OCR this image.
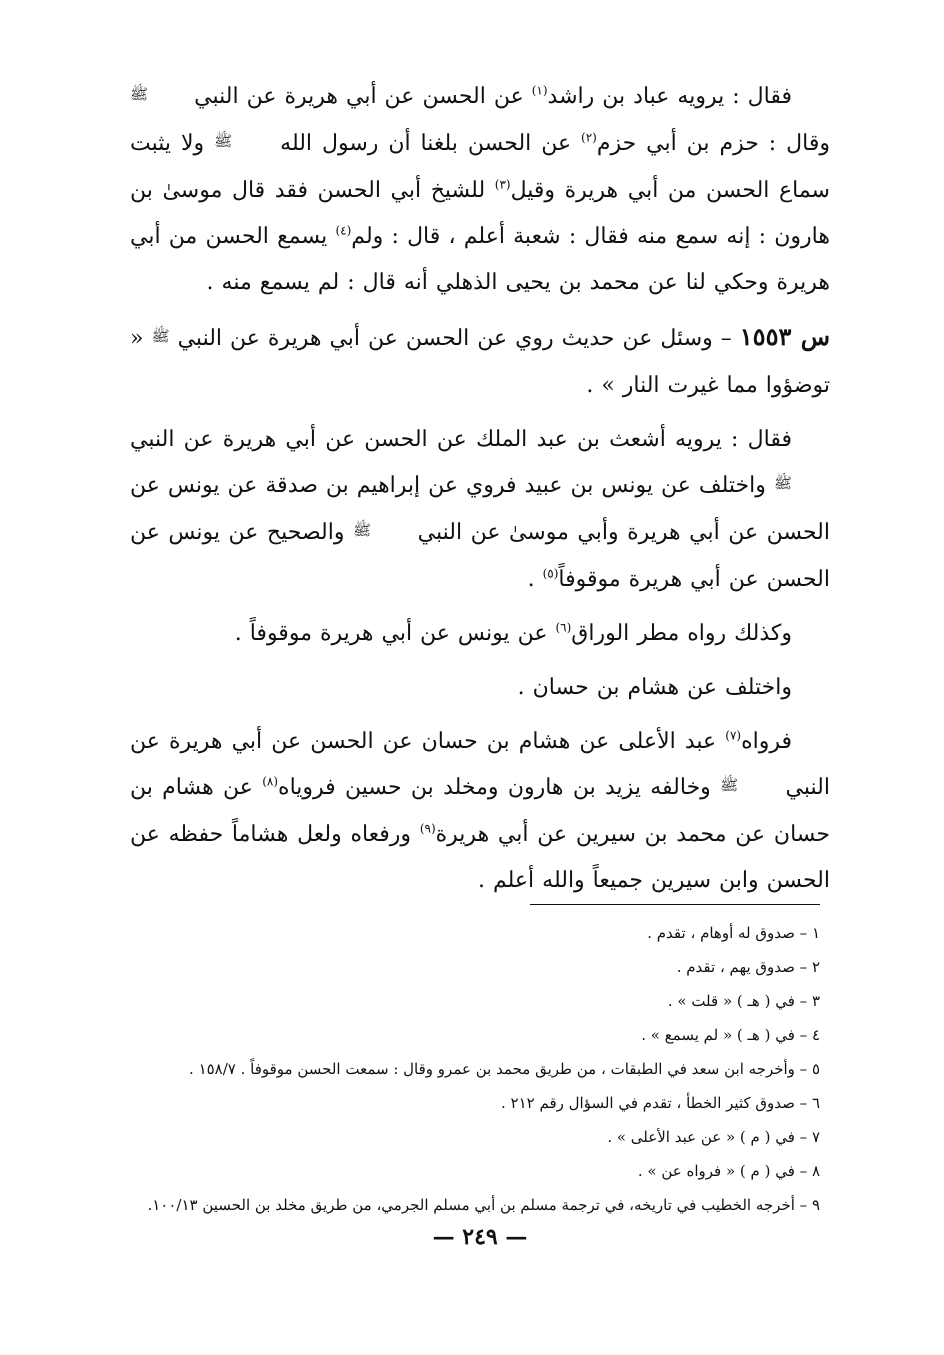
فقال : يرويه عباد بن راشد$^{(١)}$ عن الحسن عن أبي هريرة عن النبي ﷺ وقال : حزم بن أبي حزم$^{(٢)}$ عن الحسن بلغنا أن رسول الله ﷺ ولا يثبت سماع الحسن من أبي هريرة وقيل$^{(٣)}$ للشيخ أبي الحسن فقد قال موسىٰ بن هارون : إنه سمع منه فقال : شعبة أعلم ، قال : ولم$^{(٤)}$ يسمع الحسن من أبي هريرة وحكي لنا عن محمد بن يحيى الذهلي أنه قال : لم يسمع منه .

س ١٥٥٣ – وسئل عن حديث روي عن الحسن عن أبي هريرة عن النبي ﷺ « توضؤوا مما غيرت النار » .

فقال : يرويه أشعث بن عبد الملك عن الحسن عن أبي هريرة عن النبي ﷺ واختلف عن يونس بن عبيد فروي عن إبراهيم بن صدقة عن يونس عن الحسن عن أبي هريرة وأبي موسىٰ عن النبي ﷺ والصحيح عن يونس عن الحسن عن أبي هريرة موقوفاً$^{(٥)}$ .

وكذلك رواه مطر الوراق$^{(٦)}$ عن يونس عن أبي هريرة موقوفاً .

واختلف عن هشام بن حسان .

فرواه$^{(٧)}$ عبد الأعلى عن هشام بن حسان عن الحسن عن أبي هريرة عن النبي ﷺ وخالفه يزيد بن هارون ومخلد بن حسين فروياه$^{(٨)}$ عن هشام بن حسان عن محمد بن سيرين عن أبي هريرة$^{(٩)}$ ورفعاه ولعل هشاماً حفظه عن الحسن وابن سيرين جميعاً والله أعلم .

١ – صدوق له أوهام ، تقدم .
٢ – صدوق يهم ، تقدم .
٣ – في ( هـ ) « قلت » .
٤ – في ( هـ ) « لم يسمع » .
٥ – وأخرجه ابن سعد في الطبقات ، من طريق محمد بن عمرو وقال : سمعت الحسن موقوفاً . ١٥٨/٧ .
٦ – صدوق كثير الخطأ ، تقدم في السؤال رقم ٢١٢ .
٧ – في ( م ) « عن عبد الأعلى » .
٨ – في ( م ) « فرواه عن » .
٩ – أخرجه الخطيب في تاريخه، في ترجمة مسلم بن أبي مسلم الجرمي، من طريق مخلد بن الحسين ١٠٠/١٣.
— ٢٤٩ —
